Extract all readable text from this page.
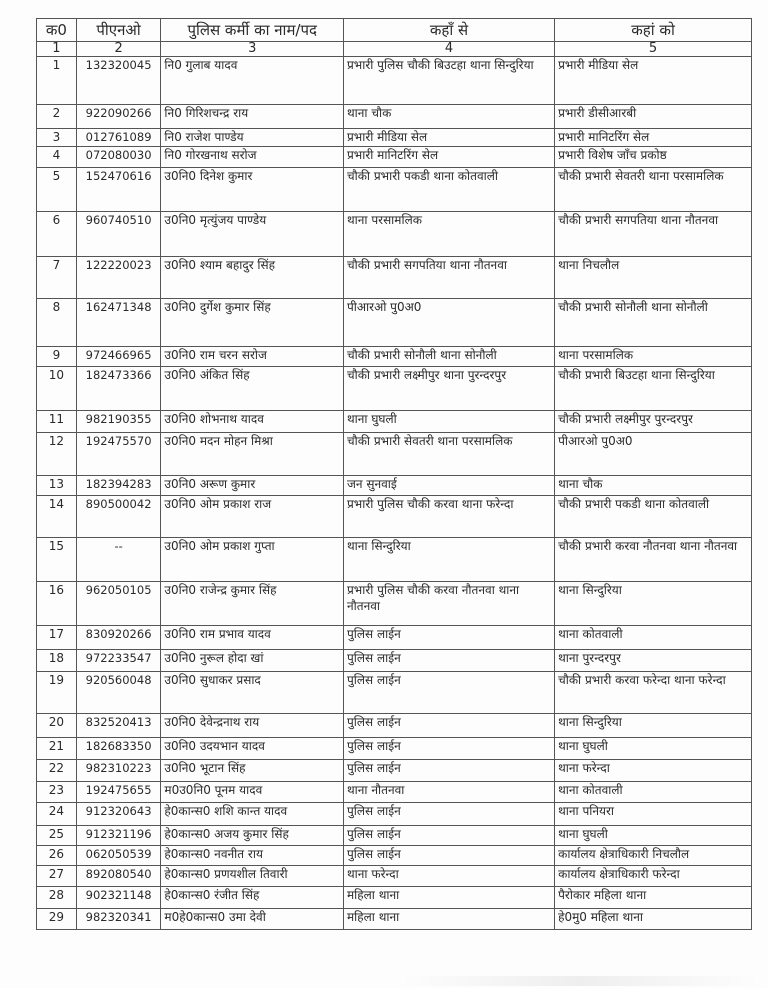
क0	पीएनओ	पुलिस कर्मी का नाम/पद	कहाँ से	कहां को
1	2	3	4	5
1	132320045	नि0 गुलाब यादव	प्रभारी पुलिस चौकी बिउटहा थाना सिन्दुरिया	प्रभारी मीडिया सेल
2	922090266	नि0 गिरिशचन्द्र राय	थाना चौक	प्रभारी डीसीआरबी
3	012761089	नि0 राजेश पाण्डेय	प्रभारी मीडिया सेल	प्रभारी मानिटरिंग सेल
4	072080030	नि0 गोरखनाथ सरोज	प्रभारी मानिटरिंग सेल	प्रभारी विशेष जाँच प्रकोष्ठ
5	152470616	उ0नि0 दिनेश कुमार	चौकी प्रभारी पकडी थाना कोतवाली	चौकी प्रभारी सेवतरी थाना परसामलिक
6	960740510	उ0नि0 मृत्युंजय पाण्डेय	थाना परसामलिक	चौकी प्रभारी सगपतिया थाना नौतनवा
7	122220023	उ0नि0 श्याम बहादुर सिंह	चौकी प्रभारी सगपतिया थाना नौतनवा	थाना निचलौल
8	162471348	उ0नि0 दुर्गेश कुमार सिंह	पीआरओ पु0अ0	चौकी प्रभारी सोनौली थाना सोनौली
9	972466965	उ0नि0 राम चरन सरोज	चौकी प्रभारी सोनौली थाना सोनौली	थाना परसामलिक
10	182473366	उ0नि0 अंकित सिंह	चौकी प्रभारी लक्ष्मीपुर थाना पुरन्दरपुर	चौकी प्रभारी बिउटहा थाना सिन्दुरिया
11	982190355	उ0नि0 शोभनाथ यादव	थाना घुघली	चौकी प्रभारी लक्ष्मीपुर पुरन्दरपुर
12	192475570	उ0नि0 मदन मोहन मिश्रा	चौकी प्रभारी सेवतरी थाना परसामलिक	पीआरओ पु0अ0
13	182394283	उ0नि0 अरूण कुमार	जन सुनवाई	थाना चौक
14	890500042	उ0नि0 ओम प्रकाश राज	प्रभारी पुलिस चौकी करवा थाना फरेन्दा	चौकी प्रभारी पकडी थाना कोतवाली
15	--	उ0नि0 ओम प्रकाश गुप्ता	थाना सिन्दुरिया	चौकी प्रभारी करवा नौतनवा थाना नौतनवा
16	962050105	उ0नि0 राजेन्द्र कुमार सिंह	प्रभारी पुलिस चौकी करवा नौतनवा थाना नौतनवा	थाना सिन्दुरिया
17	830920266	उ0नि0 राम प्रभाव यादव	पुलिस लाईन	थाना कोतवाली
18	972233547	उ0नि0 नुरूल होदा खां	पुलिस लाईन	थाना पुरन्दरपुर
19	920560048	उ0नि0 सुधाकर प्रसाद	पुलिस लाईन	चौकी प्रभारी करवा फरेन्दा थाना फरेन्दा
20	832520413	उ0नि0 देवेन्द्रनाथ राय	पुलिस लाईन	थाना सिन्दुरिया
21	182683350	उ0नि0 उदयभान यादव	पुलिस लाईन	थाना घुघली
22	982310223	उ0नि0 भूटान सिंह	पुलिस लाईन	थाना फरेन्दा
23	192475655	म0उ0नि0 पूनम यादव	थाना नौतनवा	थाना कोतवाली
24	912320643	हे0कान्स0 शशि कान्त यादव	पुलिस लाईन	थाना पनियरा
25	912321196	हे0कान्स0 अजय कुमार सिंह	पुलिस लाईन	थाना घुघली
26	062050539	हे0कान्स0 नवनीत राय	पुलिस लाईन	कार्यालय क्षेत्राधिकारी निचलौल
27	892080540	हे0कान्स0 प्रणयशील तिवारी	थाना फरेन्दा	कार्यालय क्षेत्राधिकारी फरेन्दा
28	902321148	हे0कान्स0 रंजीत सिंह	महिला थाना	पैरोकार महिला थाना
29	982320341	म0हे0कान्स0 उमा देवी	महिला थाना	हे0मु0 महिला थाना
